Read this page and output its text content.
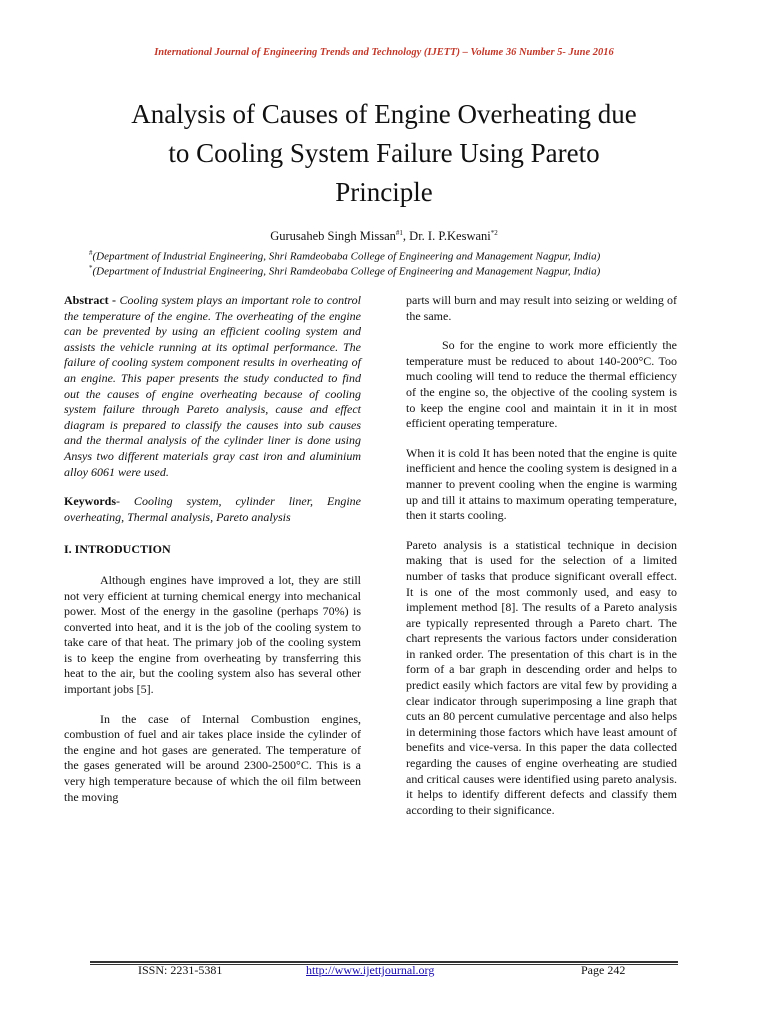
International Journal of Engineering Trends and Technology (IJETT) – Volume 36 Number 5- June 2016
Analysis of Causes of Engine Overheating due
to Cooling System Failure Using Pareto
Principle
Gurusaheb Singh Missan$^{\#1}$, Dr. I. P.Keswani$^{*2}$
#(Department of Industrial Engineering, Shri Ramdeobaba College of Engineering and Management Nagpur, India)
*(Department of Industrial Engineering, Shri Ramdeobaba College of Engineering and Management Nagpur, India)

Abstract - Cooling system plays an important role to control the temperature of the engine. The overheating of the engine can be prevented by using an efficient cooling system and assists the vehicle running at its optimal performance. The failure of cooling system component results in overheating of an engine. This paper presents the study conducted to find out the causes of engine overheating because of cooling system failure through Pareto analysis, cause and effect diagram is prepared to classify the causes into sub causes and the thermal analysis of the cylinder liner is done using Ansys two different materials gray cast iron and aluminium alloy 6061 were used.

Keywords- Cooling system, cylinder liner, Engine overheating, Thermal analysis, Pareto analysis

I. INTRODUCTION

Although engines have improved a lot, they are still not very efficient at turning chemical energy into mechanical power. Most of the energy in the gasoline (perhaps 70%) is converted into heat, and it is the job of the cooling system to take care of that heat. The primary job of the cooling system is to keep the engine from overheating by transferring this heat to the air, but the cooling system also has several other important jobs [5].

In the case of Internal Combustion engines, combustion of fuel and air takes place inside the cylinder of the engine and hot gases are generated. The temperature of the gases generated will be around 2300-2500°C. This is a very high temperature because of which the oil film between the moving

parts will burn and may result into seizing or welding of the same.

So for the engine to work more efficiently the temperature must be reduced to about 140-200°C. Too much cooling will tend to reduce the thermal efficiency of the engine so, the objective of the cooling system is to keep the engine cool and maintain it in it in most efficient operating temperature.

When it is cold It has been noted that the engine is quite inefficient and hence the cooling system is designed in a manner to prevent cooling when the engine is warming up and till it attains to maximum operating temperature, then it starts cooling.

Pareto analysis is a statistical technique in decision making that is used for the selection of a limited number of tasks that produce significant overall effect. It is one of the most commonly used, and easy to implement method [8]. The results of a Pareto analysis are typically represented through a Pareto chart. The chart represents the various factors under consideration in ranked order. The presentation of this chart is in the form of a bar graph in descending order and helps to predict easily which factors are vital few by providing a clear indicator through superimposing a line graph that cuts an 80 percent cumulative percentage and also helps in determining those factors which have least amount of benefits and vice-versa. In this paper the data collected regarding the causes of engine overheating are studied and critical causes were identified using pareto analysis. it helps to identify different defects and classify them according to their significance.

ISSN: 2231-5381	http://www.ijettjournal.org	Page 242
